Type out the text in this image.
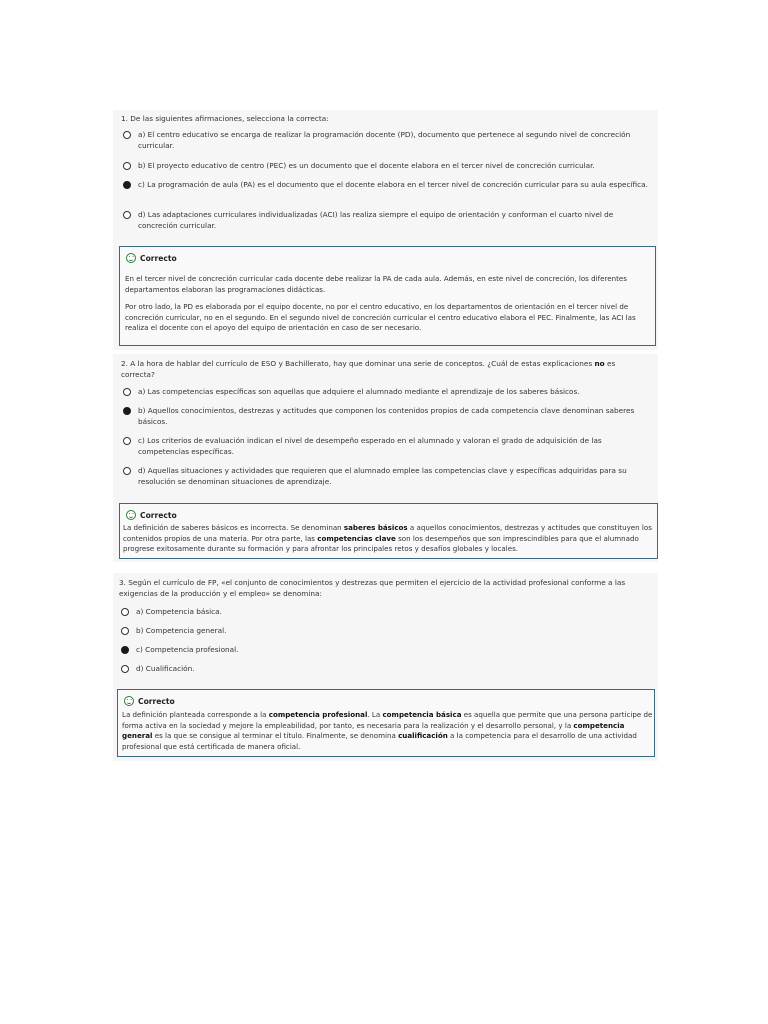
1. De las siguientes afirmaciones, selecciona la correcta:
a) El centro educativo se encarga de realizar la programación docente (PD), documento que pertenece al segundo nivel de concreción curricular.
b) El proyecto educativo de centro (PEC) es un documento que el docente elabora en el tercer nivel de concreción curricular.
c) La programación de aula (PA) es el documento que el docente elabora en el tercer nivel de concreción curricular para su aula específica.
d) Las adaptaciones curriculares individualizadas (ACI) las realiza siempre el equipo de orientación y conforman el cuarto nivel de concreción curricular.
Correcto
En el tercer nivel de concreción curricular cada docente debe realizar la PA de cada aula. Además, en este nivel de concreción, los diferentes departamentos elaboran las programaciones didácticas.
Por otro lado, la PD es elaborada por el equipo docente, no por el centro educativo, en los departamentos de orientación en el tercer nivel de concreción curricular, no en el segundo. En el segundo nivel de concreción curricular el centro educativo elabora el PEC. Finalmente, las ACI las realiza el docente con el apoyo del equipo de orientación en caso de ser necesario.
2. A la hora de hablar del currículo de ESO y Bachillerato, hay que dominar una serie de conceptos. ¿Cuál de estas explicaciones no es correcta?
a) Las competencias específicas son aquellas que adquiere el alumnado mediante el aprendizaje de los saberes básicos.
b) Aquellos conocimientos, destrezas y actitudes que componen los contenidos propios de cada competencia clave denominan saberes básicos.
c) Los criterios de evaluación indican el nivel de desempeño esperado en el alumnado y valoran el grado de adquisición de las competencias específicas.
d) Aquellas situaciones y actividades que requieren que el alumnado emplee las competencias clave y específicas adquiridas para su resolución se denominan situaciones de aprendizaje.
Correcto
La definición de saberes básicos es incorrecta. Se denominan saberes básicos a aquellos conocimientos, destrezas y actitudes que constituyen los contenidos propios de una materia. Por otra parte, las competencias clave son los desempeños que son imprescindibles para que el alumnado progrese exitosamente durante su formación y para afrontar los principales retos y desafíos globales y locales.
3. Según el currículo de FP, «el conjunto de conocimientos y destrezas que permiten el ejercicio de la actividad profesional conforme a las exigencias de la producción y el empleo» se denomina:
a) Competencia básica.
b) Competencia general.
c) Competencia profesional.
d) Cualificación.
Correcto
La definición planteada corresponde a la competencia profesional. La competencia básica es aquella que permite que una persona participe de forma activa en la sociedad y mejore la empleabilidad, por tanto, es necesaria para la realización y el desarrollo personal, y la competencia general es la que se consigue al terminar el título. Finalmente, se denomina cualificación a la competencia para el desarrollo de una actividad profesional que está certificada de manera oficial.
